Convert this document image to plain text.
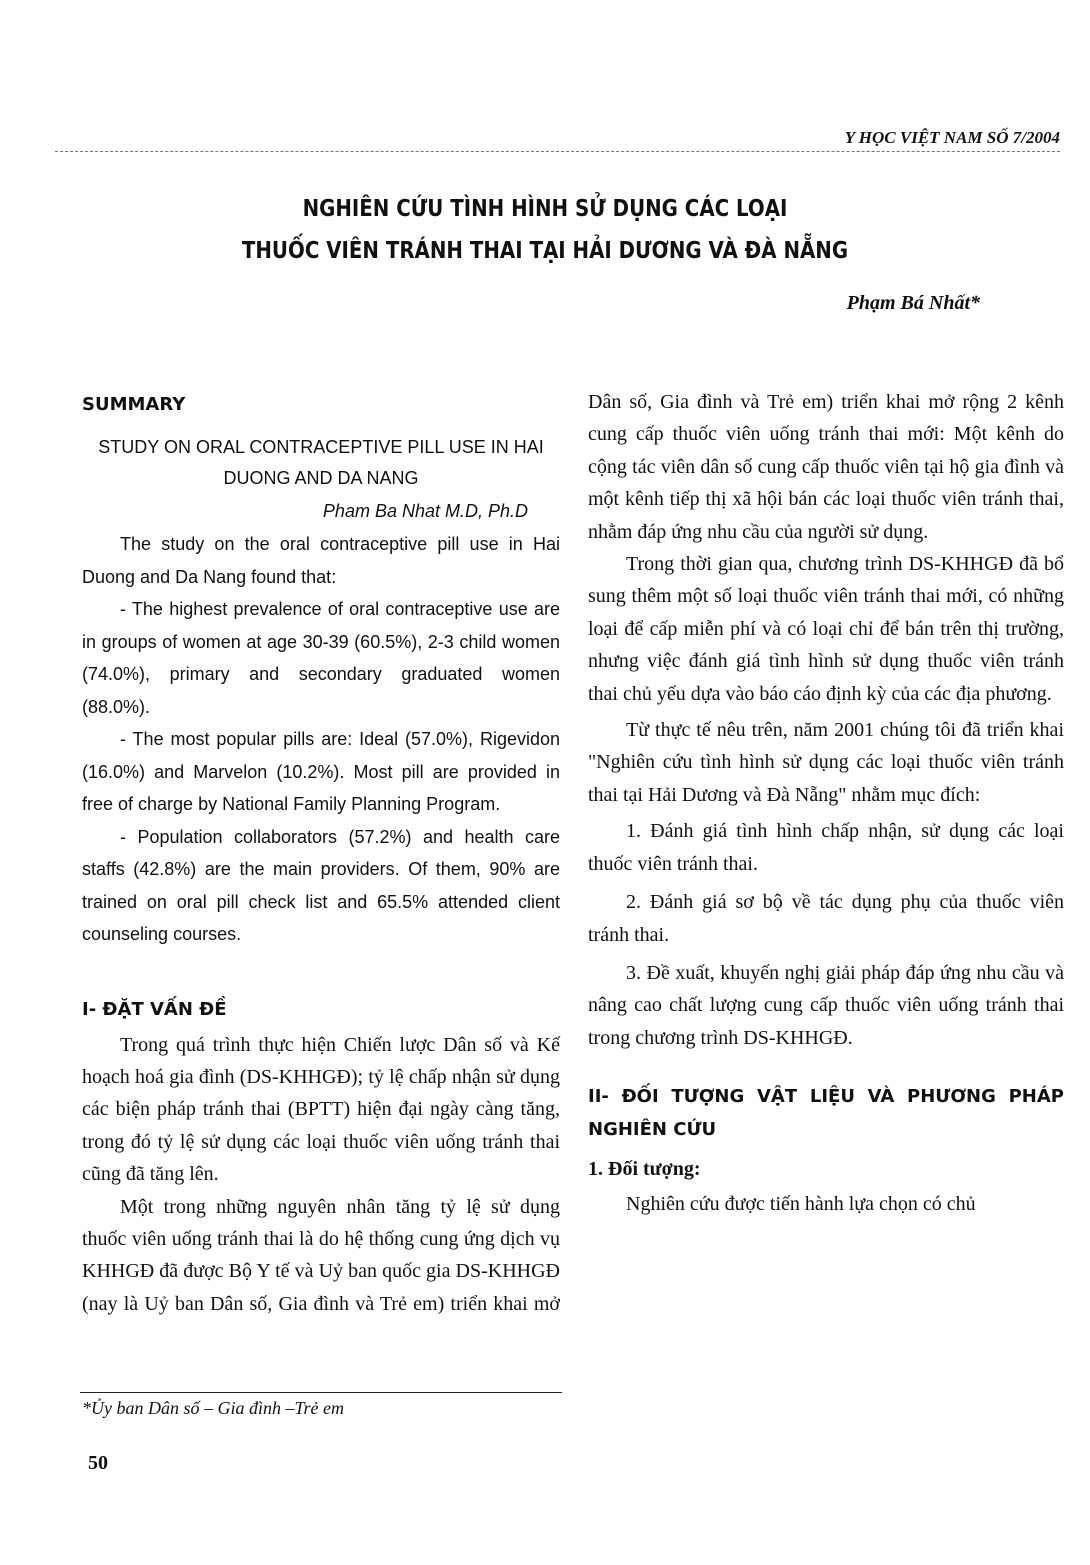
Y HỌC VIỆT NAM SỐ 7/2004
NGHIÊN CỨU TÌNH HÌNH SỬ DỤNG CÁC LOẠI
THUỐC VIÊN TRÁNH THAI TẠI HẢI DƯƠNG VÀ ĐÀ NẴNG
Phạm Bá Nhất*
SUMMARY
STUDY ON ORAL CONTRACEPTIVE PILL USE IN HAI
DUONG AND DA NANG
Pham Ba Nhat M.D, Ph.D

The study on the oral contraceptive pill use in Hai Duong and Da Nang found that:

- The highest prevalence of oral contraceptive use are in groups of women at age 30-39 (60.5%), 2-3 child women (74.0%), primary and secondary graduated women (88.0%).

- The most popular pills are: Ideal (57.0%), Rigevidon (16.0%) and Marvelon (10.2%). Most pill are provided in free of charge by National Family Planning Program.

- Population collaborators (57.2%) and health care staffs (42.8%) are the main providers. Of them, 90% are trained on oral pill check list and 65.5% attended client counseling courses.

I- ĐẶT VẤN ĐỀ

Trong quá trình thực hiện Chiến lược Dân số và Kế hoạch hoá gia đình (DS-KHHGĐ); tỷ lệ chấp nhận sử dụng các biện pháp tránh thai (BPTT) hiện đại ngày càng tăng, trong đó tỷ lệ sử dụng các loại thuốc viên uống tránh thai cũng đã tăng lên.

Một trong những nguyên nhân tăng tỷ lệ sử dụng thuốc viên uống tránh thai là do hệ thống cung ứng dịch vụ KHHGĐ đã được Bộ Y tế và Uỷ ban quốc gia DS-KHHGĐ (nay là Uỷ ban Dân số, Gia đình và Trẻ em) triển khai mở

Dân số, Gia đình và Trẻ em) triển khai mở rộng 2 kênh cung cấp thuốc viên uống tránh thai mới: Một kênh do cộng tác viên dân số cung cấp thuốc viên tại hộ gia đình và một kênh tiếp thị xã hội bán các loại thuốc viên tránh thai, nhằm đáp ứng nhu cầu của người sử dụng.

Trong thời gian qua, chương trình DS-KHHGĐ đã bổ sung thêm một số loại thuốc viên tránh thai mới, có những loại để cấp miễn phí và có loại chỉ để bán trên thị trường, nhưng việc đánh giá tình hình sử dụng thuốc viên tránh thai chủ yếu dựa vào báo cáo định kỳ của các địa phương.

Từ thực tế nêu trên, năm 2001 chúng tôi đã triển khai "Nghiên cứu tình hình sử dụng các loại thuốc viên tránh thai tại Hải Dương và Đà Nẵng" nhằm mục đích:

1. Đánh giá tình hình chấp nhận, sử dụng các loại thuốc viên tránh thai.

2. Đánh giá sơ bộ về tác dụng phụ của thuốc viên tránh thai.

3. Đề xuất, khuyến nghị giải pháp đáp ứng nhu cầu và nâng cao chất lượng cung cấp thuốc viên uống tránh thai trong chương trình DS-KHHGĐ.

II- ĐỐI TƯỢNG VẬT LIỆU VÀ PHƯƠNG PHÁP NGHIÊN CỨU
1. Đối tượng:

Nghiên cứu được tiến hành lựa chọn có chủ

*Ủy ban Dân số – Gia đình –Trẻ em
50
